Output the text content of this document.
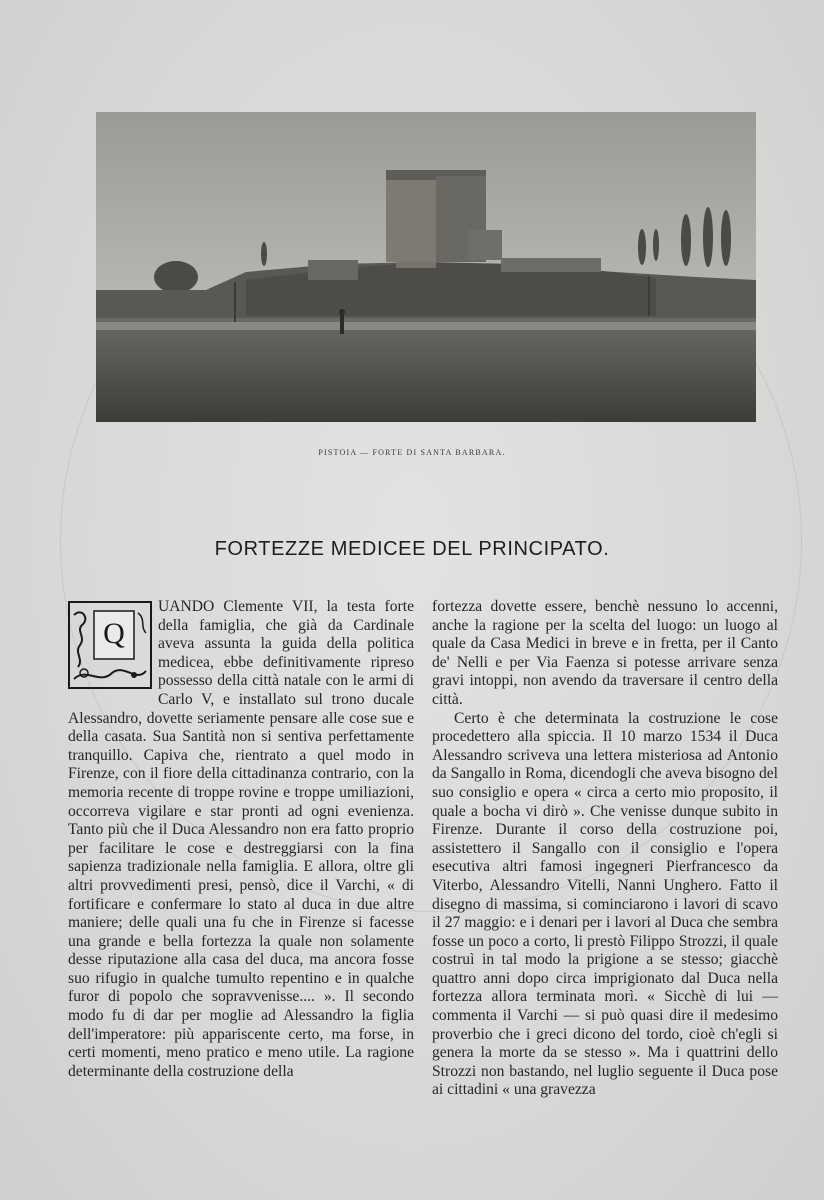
PISTOIA — FORTE DI SANTA BARBARA.
FORTEZZE MEDICEE DEL PRINCIPATO.
Q

UANDO Clemente VII, la testa forte della famiglia, che già da Cardinale aveva assunta la guida della politica medicea, ebbe definitivamente ripreso possesso della città natale con le armi di Carlo V, e installato sul trono ducale Alessandro, dovette seriamente pensare alle cose sue e della casata. Sua Santità non si sentiva perfettamente tranquillo. Capiva che, rientrato a quel modo in Firenze, con il fiore della cittadinanza contrario, con la memoria recente di troppe rovine e troppe umiliazioni, occorreva vigilare e star pronti ad ogni evenienza. Tanto più che il Duca Alessandro non era fatto proprio per facilitare le cose e destreggiarsi con la fina sapienza tradizionale nella famiglia. E allora, oltre gli altri provvedimenti presi, pensò, dice il Varchi, « di fortificare e confermare lo stato al duca in due altre maniere; delle quali una fu che in Firenze si facesse una grande e bella fortezza la quale non solamente desse riputazione alla casa del duca, ma ancora fosse suo rifugio in qualche tumulto repentino e in qualche furor di popolo che sopravvenisse.... ». Il secondo modo fu di dar per moglie ad Alessandro la figlia dell'imperatore: più appariscente certo, ma forse, in certi momenti, meno pratico e meno utile. La ragione determinante della costruzione della

fortezza dovette essere, benchè nessuno lo accenni, anche la ragione per la scelta del luogo: un luogo al quale da Casa Medici in breve e in fretta, per il Canto de' Nelli e per Via Faenza si potesse arrivare senza gravi intoppi, non avendo da traversare il centro della città.

Certo è che determinata la costruzione le cose procedettero alla spiccia. Il 10 marzo 1534 il Duca Alessandro scriveva una lettera misteriosa ad Antonio da Sangallo in Roma, dicendogli che aveva bisogno del suo consiglio e opera « circa a certo mio proposito, il quale a bocha vi dirò ». Che venisse dunque subito in Firenze. Durante il corso della costruzione poi, assistettero il Sangallo con il consiglio e l'opera esecutiva altri famosi ingegneri Pierfrancesco da Viterbo, Alessandro Vitelli, Nanni Unghero. Fatto il disegno di massima, si cominciarono i lavori di scavo il 27 maggio: e i denari per i lavori al Duca che sembra fosse un poco a corto, li prestò Filippo Strozzi, il quale costruì in tal modo la prigione a se stesso; giacchè quattro anni dopo circa imprigionato dal Duca nella fortezza allora terminata morì. « Sicchè di lui — commenta il Varchi — si può quasi dire il medesimo proverbio che i greci dicono del tordo, cioè ch'egli si genera la morte da se stesso ». Ma i quattrini dello Strozzi non bastando, nel luglio seguente il Duca pose ai cittadini « una gravezza
